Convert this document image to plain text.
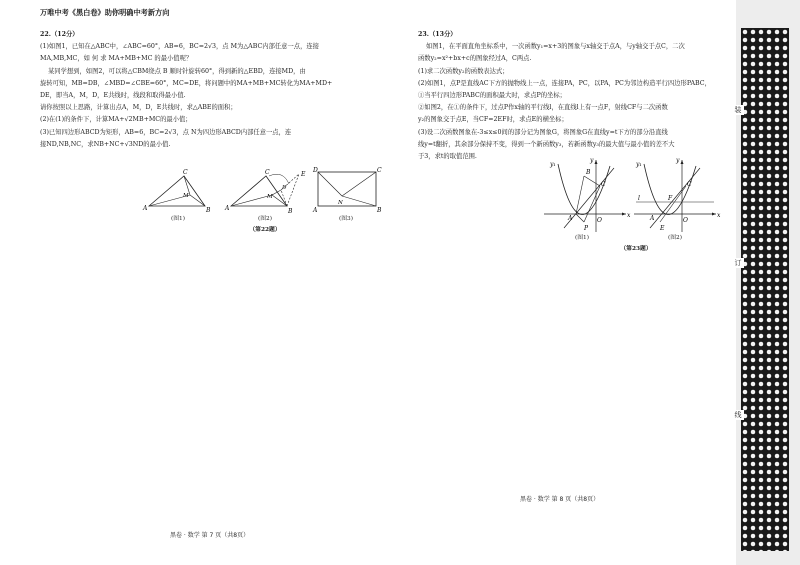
万唯中考《黑白卷》助你明确中考新方向

22.（12分）

(1)如图1，已知在△ABC中，∠ABC=60°，AB=6，BC=2√3，点 M为△ABC内部任意一点，连接

MA,MB,MC，如 何 求 MA+MB+MC 的最小值呢？

某同学想到，如图2，可以将△CBM绕点 B 顺时针旋转60°，得到新的△EBD，连接MD，由

旋转可知，MB=DB，∠MBD=∠CBE=60°，MC=DE，将问题中的MA+MB+MC转化为MA+MD+

DE，即当A，M，D，E共线时，线段和取得最小值.

请你按照以上思路，计算出点A，M，D，E共线时，求△ABE的面积；

(2)在(1)的条件下，计算MA+√2MB+MC的最小值；

(3)已知四边形ABCD为矩形，AB=6，BC=2√3，点 N为四边形ABCD内部任意一点，连

接ND,NB,NC，求NB+NC+√3ND的最小值.

A
C
B
M
(图1)
A
C
B
E
D
M
(图2)
D	C
A	B
N
(图3)
（第22题）

23.（13分）

如图1，在平面直角坐标系中，一次函数y₁=x+3的图象与x轴交于点A，与y轴交于点C，二次

函数y₂=x²+bx+c的图象经过A，C两点.

(1)求二次函数y₂的函数表达式；

(2)如图1，点P是直线AC下方的抛物线上一点，连接PA，PC，以PA，PC为邻边构造平行四边形PABC，

①当平行四边形PABC的面积最大时，求点P的坐标；

②如图2，在①的条件下，过点P作x轴的平行线l，在直线l上有一点F，射线CF与二次函数

y₂的图象交于点E，当CF=2EF时，求点E的横坐标；

(3)设二次函数图象在-3≤x≤0间的部分记为图象G，将图象G在直线y=t下方的部分沿直线

线y=t翻折，其余部分保持不变，得到一个新函数y₃，若新函数y₃的最大值与最小值的差不大

于3，求t的取值范围.

y₁
y
x
B
C
A
P
O
(图1)
y₁
y
x
C
A
E
F
O
l
(图2)
（第23题）
黑卷 · 数学 第 7 页（共8页）
黑卷 · 数学 第 8 页（共8页）
装
订
线
